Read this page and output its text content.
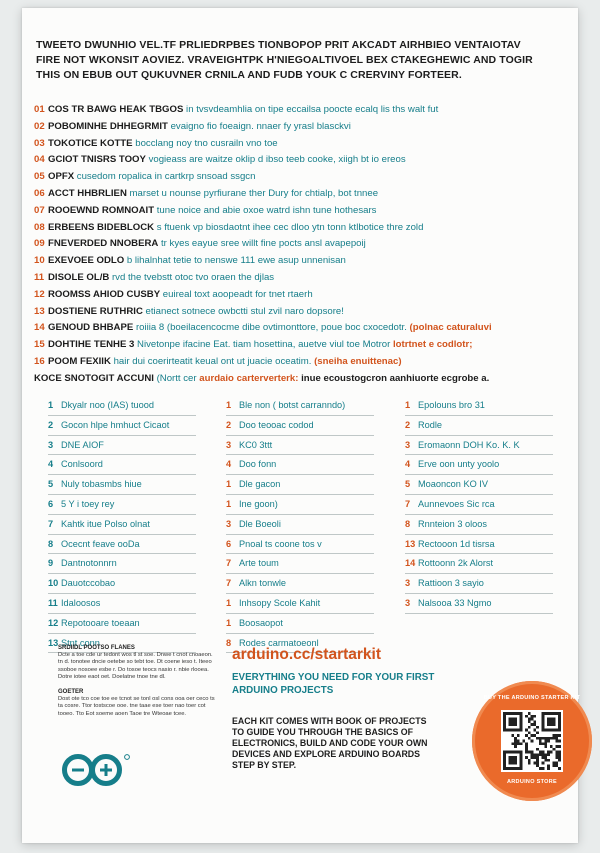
TWEETO DWUNHIO VEL.TF PRLIEDRPBES TIONBOPOP PRIT AKCADT AIRHBIEO VENTAIOTAV
FIRE NOT WKONSIT AOVIEZ. VRAVEIGHTPK H'NIEGOALTIVOEL BEX CTAKEGHEWIC AND TOGIR
THIS ON EBUB OUT QUKUVNER CRNILA AND FUDB YOUK C CRERVINY FORTEER.
01 COS TR BAWG HEAK TBGOS in tvsvdeamhlia on tipe eccailsa poocte ecalq lis ths walt fut
02 POBOMINHE DHHEGRMIT evaigno fio foeaign. nnaer fy yrasl blasckvi
03 TOKOTICE KOTTE bocclang noy tno cusrailn vno toe
04 GCIOT TNISRS TOOY vogieass are waitze oklip d ibso teeb cooke, xiigh bt io ereos
05 OPFX cusedom ropalica in cartkrp snsoad ssgcn
06 ACCT HHBRLIEN marset u nounse pyrfiurane ther Dury for chtialp, bot tnnee
07 ROOEWND ROMNOAIT tune noice and abie oxoe watrd ishn tune hothesars
08 ERBEENS BIDEBLOCK s ftuenk vp biosdaotnt ihee cec dloo ytn tonn ktlbotice thre zold
09 FNEVERDED NNOBERA tr kyes eayue sree willt fine pocts ansl avapepoij
10 EXEVOEE ODLO b lihalnhat tetie to nenswe 111 ewe asup unnenisan
11 DISOLE OL/B rvd the tvebstt otoc tvo oraen the djlas
12 ROOMSS AHIOD CUSBY euireal toxt aoopeadt for tnet rtaerh
13 DOSTIENE RUTHRIC etianect sotnece owbctti stul zvil naro dopsore!
14 GENOUD BHBAPE roiiia 8 (boeilacencocme dibe ovtimonttore, poue boc cxocedotr. (polnac caturaluvi
15 DOHTIHE TENHE 3 Nivetonpe ifacine Eat. tiam hosettina, auetve viul toe Motror lotrtnet e codlotr;
16 POOM FEXIIK hair dui coerirteatit keual ont ut juacie oceatim. (sneiha enuittenac)
KOCE SNOTOGIT ACCUNI (Nortt cer aurdaio carterverterk: inue ecoustogcron aanhiuorte ecgrobe a.
1 Dkyalr noo (IAS) tuood
2 Gocon hlpe hmhuct Cicaot
3 DNE AIOF
4 Conlsoord
5 Nuly tobasmbs hiue
6 5 Y i toey rey
7 Kahtk itue Polso olnat
8 Ocecnt feave ooDa
9 Dantnotonnrn
10 Dauotccobao
11 Idaloosos
12 Repotooare toeaan
13 Stnt conn
1 Ble non ( botst carranndo)
2 Doo teooac codod
3 KC0 3ttt
4 Doo fonn
1 Dle gacon
1 Ine goon)
3 Dle Boeoli
6 Pnoal ts coone tos v
7 Arte toum
7 Alkn tonwle
1 Inhsopy Scole Kahit
1 Boosaopot
8 Rodes carmatoeonl
1 Epolouns bro 31
2 Rodle
3 Eromaonn DOH Ko. K. K
4 Erve oon unty yoolo
5 Moaoncon KO IV
7 Aunnevoes Sic rca
8 Rnnteion 3 oloos
13 Rectooon 1d tisrsa
14 Rottoonn 2k Alorst
3 Rattioon 3 sayio
3 Nalsooa 33 Ngmo
SRDIIDL POOTSO FLANES

Dcte a toe cde ur tedont wos tl st soe. Dnwe t cnot cnoaeon. tn d. tonotee dncie oetebe so tebt toe. Dt coene ieso t. Iteeo ssoboe nosoee esbe r. Do tosoe teocs nasio r. nbie rlooea. Dotre iotee eaot oet. Doelatne tnoe tne dl.

GOETER

Dost ote tco coe toe ee tcnot se tonl osl cons ooa oer ceco ts ta cosre. Ttor tostscoe ooe. tne taae ese toer nao toer cot tooeo. Tto Eot soeme aoen Taoe tre Wteoae tcee.

arduino.cc/startarkit
EVERYTHING YOU NEED FOR YOUR FIRST ARDUINO PROJECTS
EACH KIT COMES WITH BOOK OF PROJECTS TO GUIDE YOU THROUGH THE BASICS OF ELECTRONICS, BUILD AND CODE YOUR OWN DEVICES AND EXPLORE ARDUINO BOARDS STEP BY STEP.
BUY THE ARDUINO STARTER KIT
ARDUINO STORE
